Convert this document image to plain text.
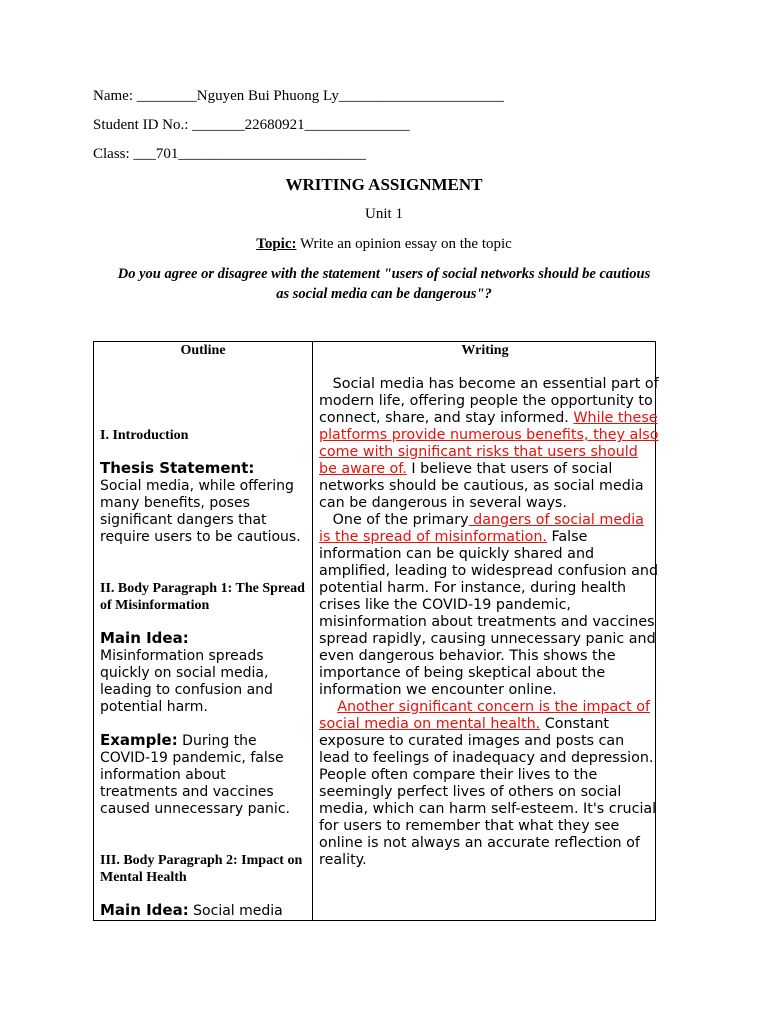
Name: ________Nguyen Bui Phuong Ly______________________
Student ID No.: _______22680921______________
Class: ___701_________________________
WRITING ASSIGNMENT
Unit 1
Topic: Write an opinion essay on the topic
Do you agree or disagree with the statement "users of social networks should be cautious
as social media can be dangerous"?
Outline	Writing
I. Introduction
Thesis Statement:
Social media, while offering many benefits, poses significant dangers that require users to be cautious.
II. Body Paragraph 1: The Spread of Misinformation
Main Idea:
Misinformation spreads quickly on social media, leading to confusion and potential harm.
Example: During the COVID-19 pandemic, false information about treatments and vaccines caused unnecessary panic.
III. Body Paragraph 2: Impact on Mental Health
Main Idea: Social media

Social media has become an essential part of modern life, offering people the opportunity to connect, share, and stay informed. While these platforms provide numerous benefits, they also come with significant risks that users should be aware of. I believe that users of social networks should be cautious, as social media can be dangerous in several ways.

One of the primary dangers of social media is the spread of misinformation. False information can be quickly shared and amplified, leading to widespread confusion and potential harm. For instance, during health crises like the COVID-19 pandemic, misinformation about treatments and vaccines spread rapidly, causing unnecessary panic and even dangerous behavior. This shows the importance of being skeptical about the information we encounter online.

Another significant concern is the impact of social media on mental health. Constant exposure to curated images and posts can lead to feelings of inadequacy and depression. People often compare their lives to the seemingly perfect lives of others on social media, which can harm self-esteem. It's crucial for users to remember that what they see online is not always an accurate reflection of reality.
